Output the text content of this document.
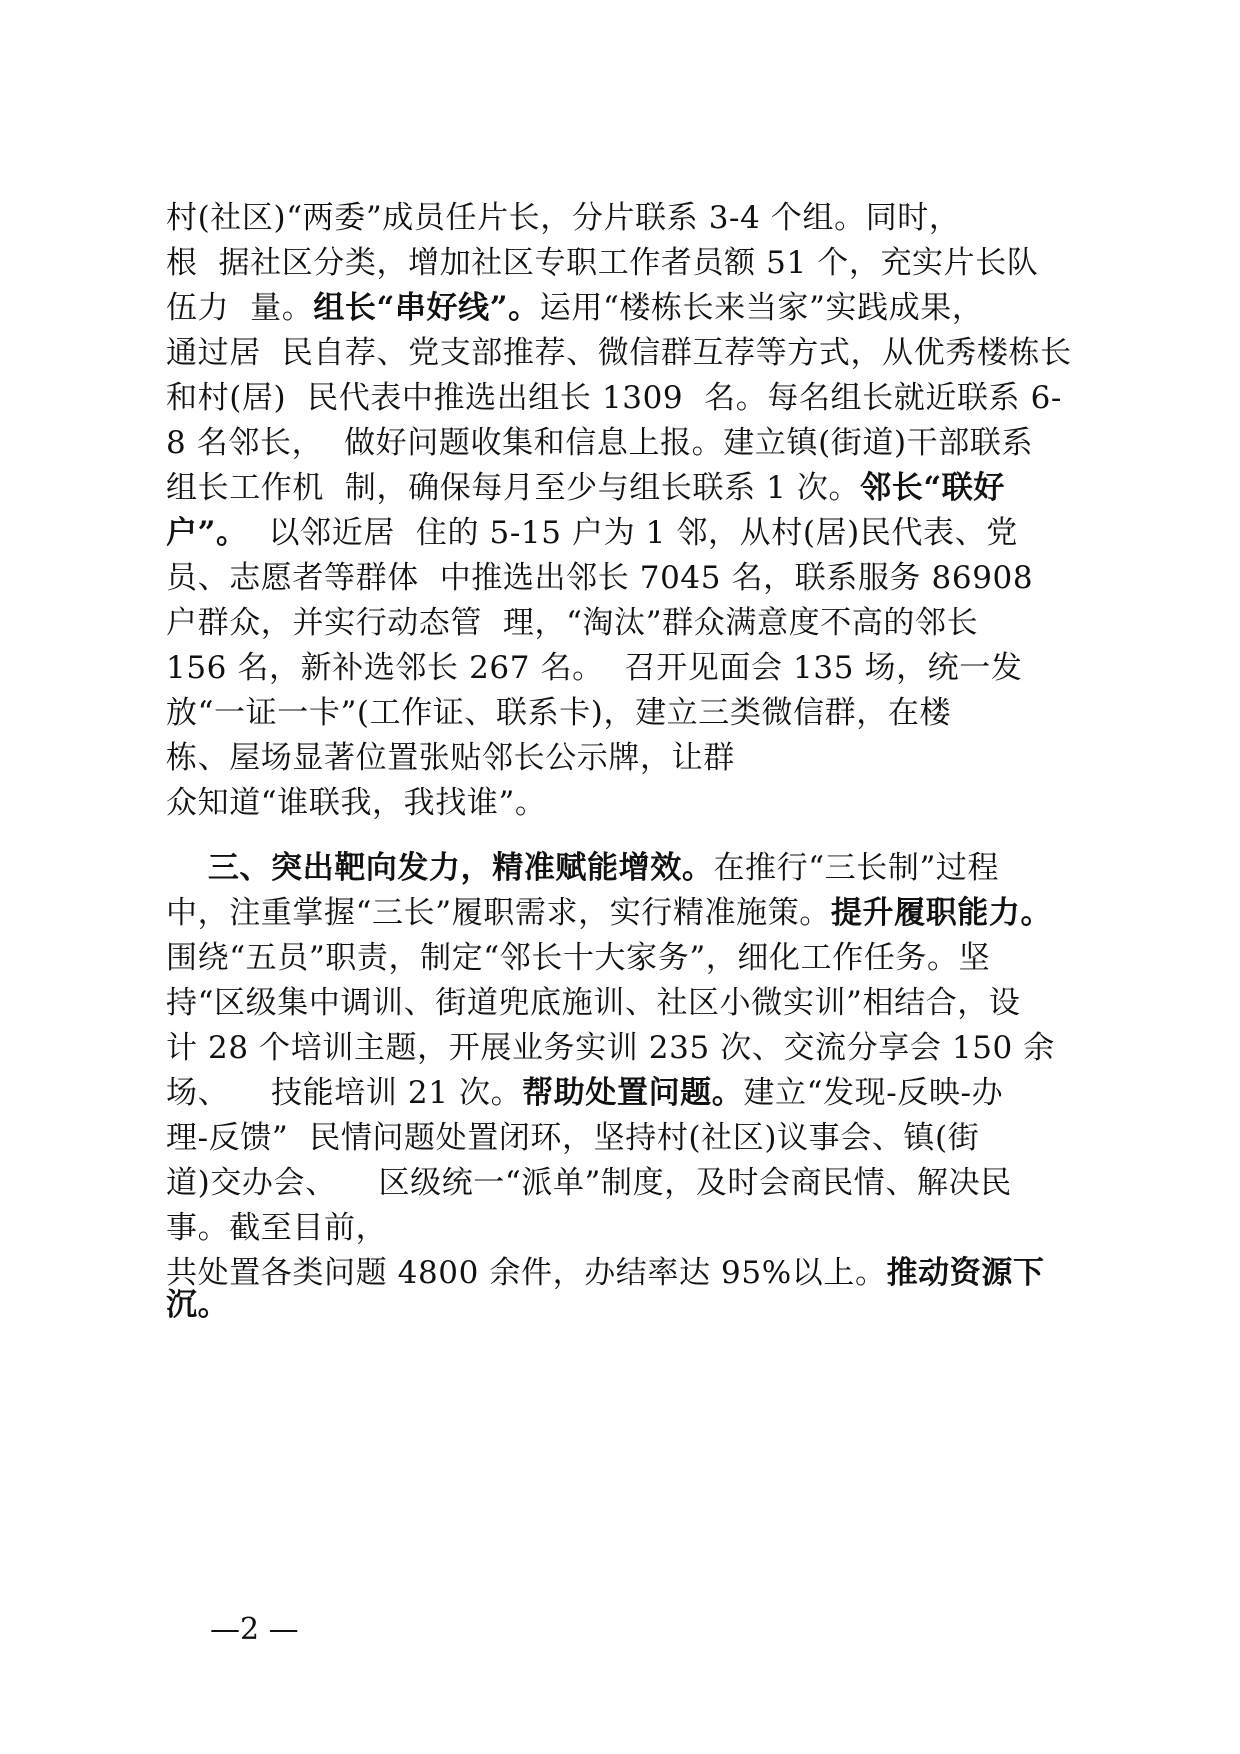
村(社区)“两委”成员任片长，分片联系 3-4 个组。同时，
根  据社区分类，增加社区专职工作者员额 51 个，充实片长队
伍力  量。组长“串好线”。运用“楼栋长来当家”实践成果，
通过居  民自荐、党支部推荐、微信群互荐等方式，从优秀楼栋长
和村(居)  民代表中推选出组长 1309  名。每名组长就近联系 6-
8 名邻长，  做好问题收集和信息上报。建立镇(街道)干部联系
组长工作机  制，确保每月至少与组长联系 1 次。邻长“联好
户”。  以邻近居  住的 5-15 户为 1 邻，从村(居)民代表、党
员、志愿者等群体  中推选出邻长 7045 名，联系服务 86908
户群众，并实行动态管  理，“淘汰”群众满意度不高的邻长
156 名，新补选邻长 267 名。  召开见面会 135 场，统一发
放“一证一卡”(工作证、联系卡)，建立三类微信群，在楼
栋、屋场显著位置张贴邻长公示牌，让群
众知道“谁联我，我找谁”。
三、突出靶向发力，精准赋能增效。在推行“三长制”过程
中，注重掌握“三长”履职需求，实行精准施策。提升履职能力。
围绕“五员”职责，制定“邻长十大家务”，细化工作任务。坚
持“区级集中调训、街道兜底施训、社区小微实训”相结合，设
计 28 个培训主题，开展业务实训 235 次、交流分享会 150 余
场、    技能培训 21 次。帮助处置问题。建立“发现-反映-办
理-反馈”  民情问题处置闭环，坚持村(社区)议事会、镇(街
道)交办会、    区级统一“派单”制度，及时会商民情、解决民
事。截至目前，
共处置各类问题 4800 余件，办结率达 95%以上。推动资源下
沉。
—2 —
